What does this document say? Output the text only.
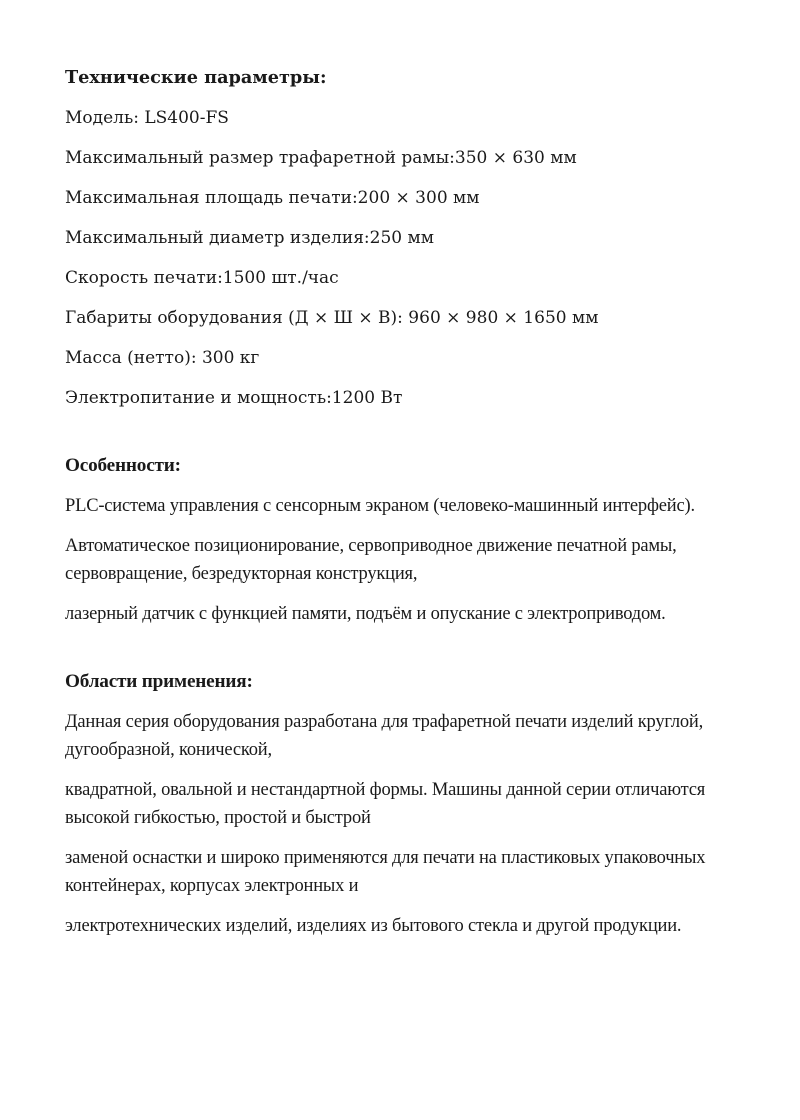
Технические параметры:

Модель: LS400-FS

Максимальный размер трафаретной рамы:350 × 630 мм

Максимальная площадь печати:200 × 300 мм

Максимальный диаметр изделия:250 мм

Скорость печати:1500 шт./час

Габариты оборудования (Д × Ш × В): 960 × 980 × 1650 мм

Масса (нетто): 300 кг

Электропитание и мощность:1200 Вт

Особенности:

PLC-система управления с сенсорным экраном (человеко-машинный интерфейс).

Автоматическое позиционирование, сервоприводное движение печатной рамы,
сервовращение, безредукторная конструкция,

лазерный датчик с функцией памяти, подъём и опускание с электроприводом.

Области применения:

Данная серия оборудования разработана для трафаретной печати изделий круглой,
дугообразной, конической,

квадратной, овальной и нестандартной формы. Машины данной серии отличаются
высокой гибкостью, простой и быстрой

заменой оснастки и широко применяются для печати на пластиковых упаковочных
контейнерах, корпусах электронных и

электротехнических изделий, изделиях из бытового стекла и другой продукции.
